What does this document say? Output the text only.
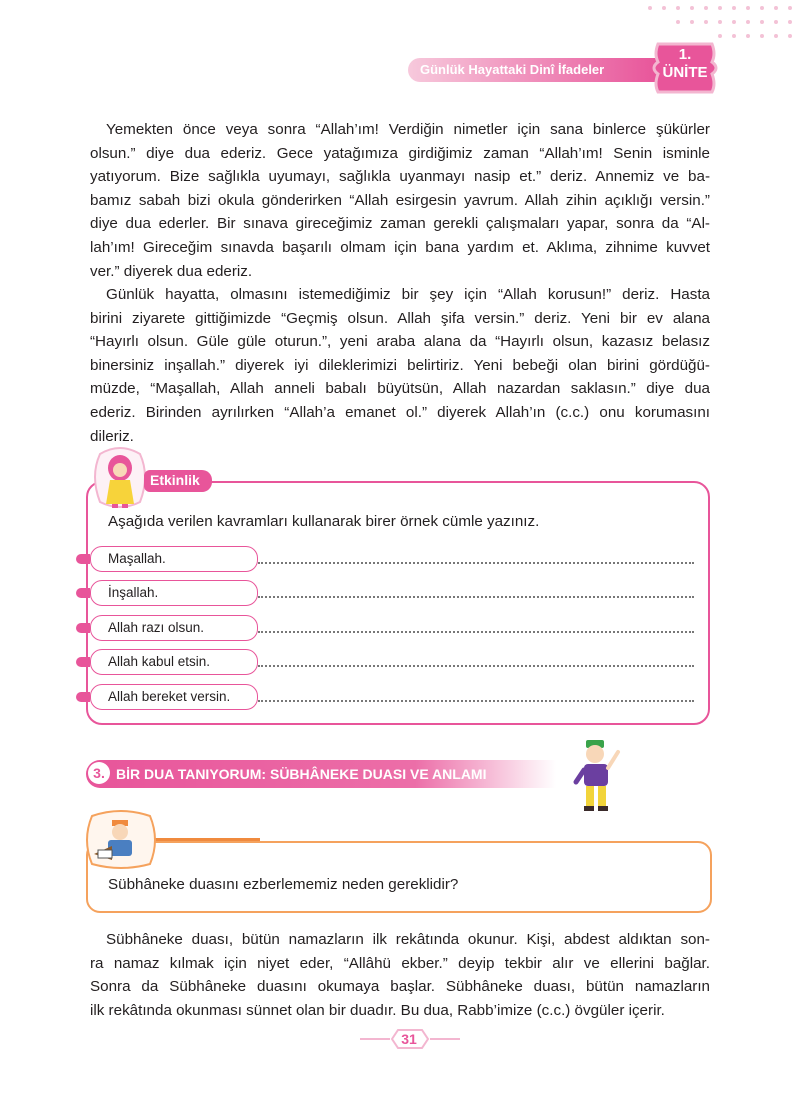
Günlük Hayattaki Dinî İfadeler
1.
ÜNİTE

Yemekten önce veya sonra “Allah’ım! Verdiğin nimetler için sana binlerce şükürler
olsun.” diye dua ederiz. Gece yatağımıza girdiğimiz zaman “Allah’ım! Senin isminle
yatıyorum. Bize sağlıkla uyumayı, sağlıkla uyanmayı nasip et.” deriz. Annemiz ve ba-
bamız sabah bizi okula gönderirken “Allah esirgesin yavrum. Allah zihin açıklığı versin.”
diye dua ederler. Bir sınava gireceğimiz zaman gerekli çalışmaları yapar, sonra da “Al-
lah’ım! Gireceğim sınavda başarılı olmam için bana yardım et. Aklıma, zihnime kuvvet
ver.” diyerek dua ederiz.

Günlük hayatta, olmasını istemediğimiz bir şey için “Allah korusun!” deriz. Hasta
birini ziyarete gittiğimizde “Geçmiş olsun. Allah şifa versin.” deriz. Yeni bir ev alana
“Hayırlı olsun. Güle güle oturun.”, yeni araba alana da “Hayırlı olsun, kazasız belasız
binersiniz inşallah.” diyerek iyi dileklerimizi belirtiriz. Yeni bebeği olan birini gördüğü-
müzde, “Maşallah, Allah anneli babalı büyütsün, Allah nazardan saklasın.” diye dua
ederiz. Birinden ayrılırken “Allah’a emanet ol.” diyerek Allah’ın (c.c.) onu korumasını
dileriz.

Etkinlik
Aşağıda verilen kavramları kullanarak birer örnek cümle yazınız.
Maşallah.
İnşallah.
Allah razı olsun.
Allah kabul etsin.
Allah bereket versin.
3. BİR DUA TANIYORUM: SÜBHÂNEKE DUASI VE ANLAMI
Sübhâneke duasını ezberlememiz neden gereklidir?

Sübhâneke duası, bütün namazların ilk rekâtında okunur. Kişi, abdest aldıktan son-
ra namaz kılmak için niyet eder, “Allâhü ekber.” deyip tekbir alır ve ellerini bağlar.
Sonra da Sübhâneke duasını okumaya başlar. Sübhâneke duası, bütün namazların
ilk rekâtında okunması sünnet olan bir duadır. Bu dua, Rabb’imize (c.c.) övgüler içerir.

31
